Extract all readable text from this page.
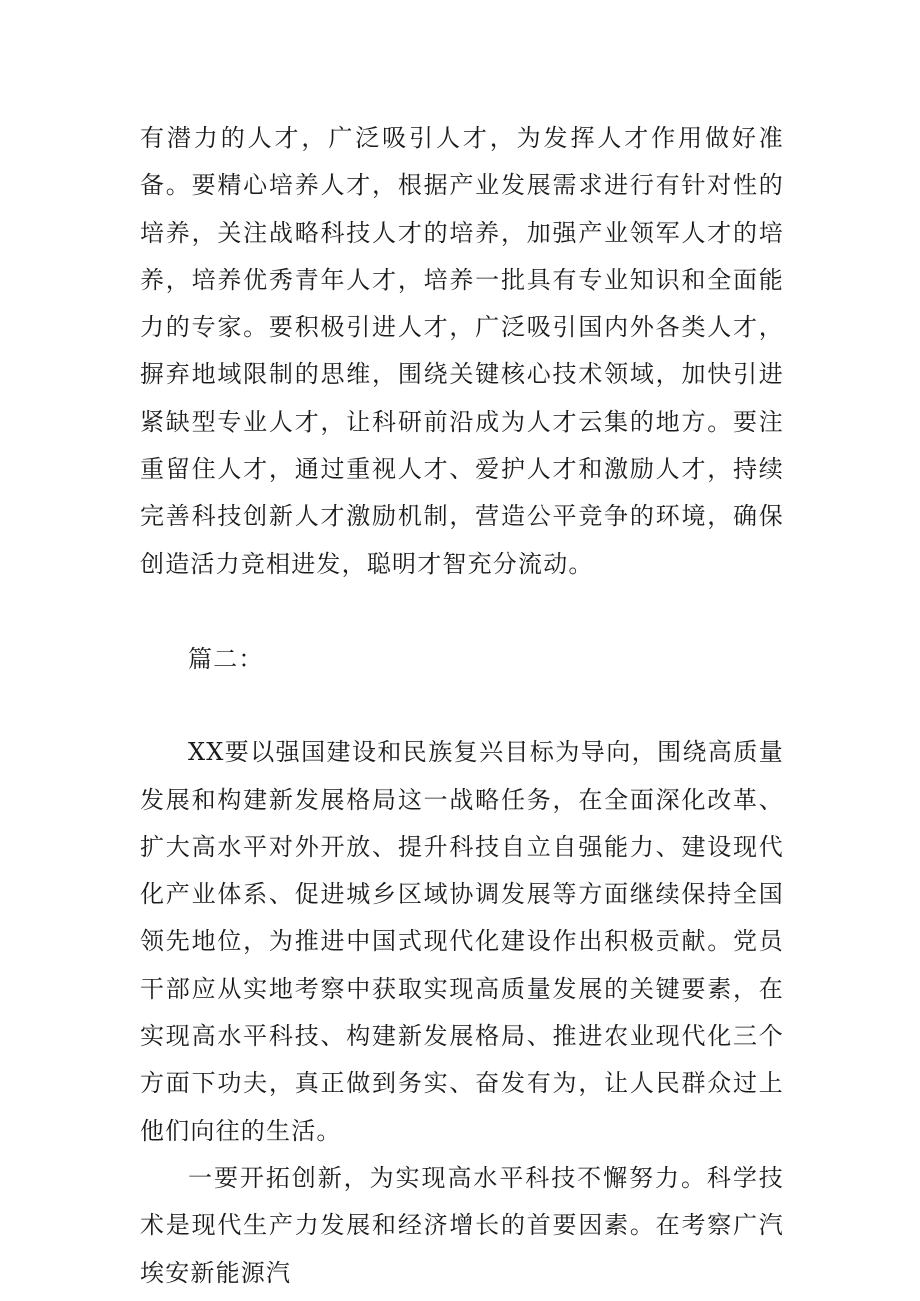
有潜力的人才，广泛吸引人才，为发挥人才作用做好准备。要精心培养人才，根据产业发展需求进行有针对性的培养，关注战略科技人才的培养，加强产业领军人才的培养，培养优秀青年人才，培养一批具有专业知识和全面能力的专家。要积极引进人才，广泛吸引国内外各类人才，摒弃地域限制的思维，围绕关键核心技术领域，加快引进紧缺型专业人才，让科研前沿成为人才云集的地方。要注重留住人才，通过重视人才、爱护人才和激励人才，持续完善科技创新人才激励机制，营造公平竞争的环境，确保创造活力竞相进发，聪明才智充分流动。

篇二：

XX要以强国建设和民族复兴目标为导向，围绕高质量发展和构建新发展格局这一战略任务，在全面深化改革、扩大高水平对外开放、提升科技自立自强能力、建设现代化产业体系、促进城乡区域协调发展等方面继续保持全国领先地位，为推进中国式现代化建设作出积极贡献。党员干部应从实地考察中获取实现高质量发展的关键要素，在实现高水平科技、构建新发展格局、推进农业现代化三个方面下功夫，真正做到务实、奋发有为，让人民群众过上他们向往的生活。

一要开拓创新，为实现高水平科技不懈努力。科学技术是现代生产力发展和经济增长的首要因素。在考察广汽埃安新能源汽
